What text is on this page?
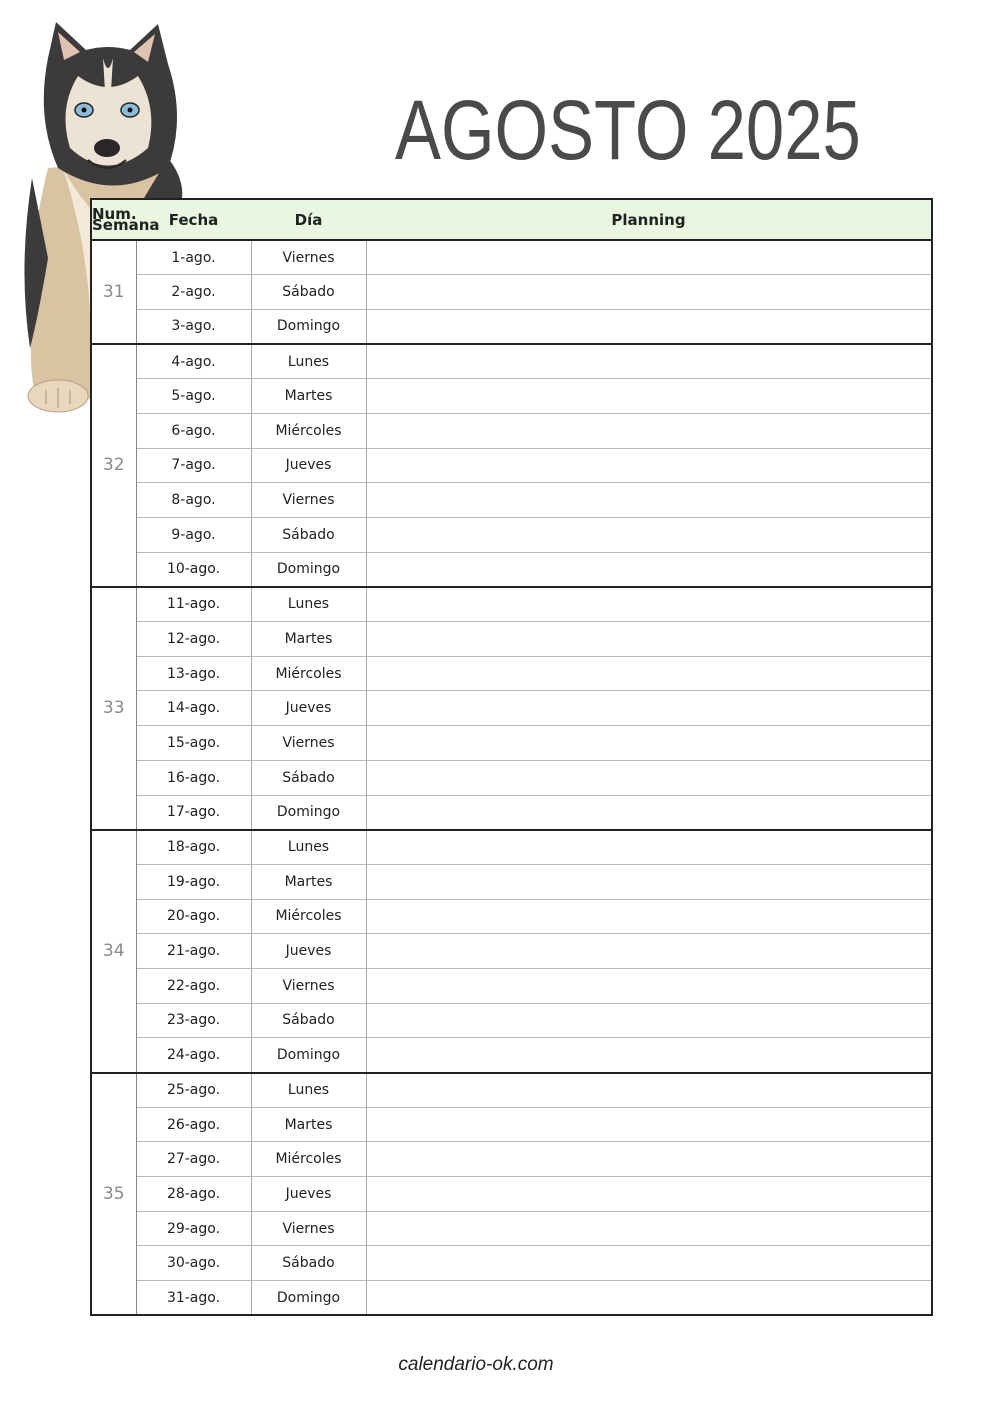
AGOSTO 2025
Num. Semana	Fecha	Día	Planning
31	1-ago.	Viernes	
	2-ago.	Sábado	
	3-ago.	Domingo	
32	4-ago.	Lunes	
	5-ago.	Martes	
	6-ago.	Miércoles	
	7-ago.	Jueves	
	8-ago.	Viernes	
	9-ago.	Sábado	
	10-ago.	Domingo	
33	11-ago.	Lunes	
	12-ago.	Martes	
	13-ago.	Miércoles	
	14-ago.	Jueves	
	15-ago.	Viernes	
	16-ago.	Sábado	
	17-ago.	Domingo	
34	18-ago.	Lunes	
	19-ago.	Martes	
	20-ago.	Miércoles	
	21-ago.	Jueves	
	22-ago.	Viernes	
	23-ago.	Sábado	
	24-ago.	Domingo	
35	25-ago.	Lunes	
	26-ago.	Martes	
	27-ago.	Miércoles	
	28-ago.	Jueves	
	29-ago.	Viernes	
	30-ago.	Sábado	
	31-ago.	Domingo	
calendario-ok.com
